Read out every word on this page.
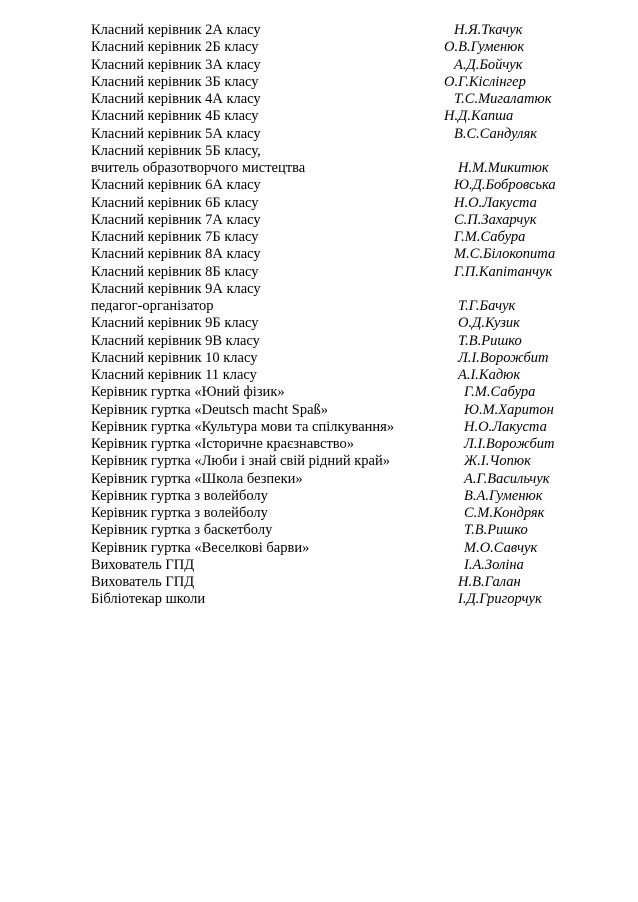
Класний керівник 2А класу	Н.Я.Ткачук
Класний керівник 2Б класу	О.В.Гуменюк
Класний керівник 3А класу	А.Д.Бойчук
Класний керівник 3Б класу	О.Г.Кіслінгер
Класний керівник 4А класу	Т.С.Мигалатюк
Класний керівник 4Б класу	Н.Д.Капша
Класний керівник 5А класу	В.С.Сандуляк
Класний керівник 5Б класу,
вчитель образотворчого мистецтва	Н.М.Микитюк
Класний керівник 6А класу	Ю.Д.Бобровська
Класний керівник 6Б класу	Н.О.Лакуста
Класний керівник 7А класу	С.П.Захарчук
Класний керівник 7Б класу	Г.М.Сабура
Класний керівник 8А класу	М.С.Білокопита
Класний керівник 8Б класу	Г.П.Капітанчук
Класний керівник 9А класу
педагог-організатор	Т.Г.Бачук
Класний керівник 9Б класу	О.Д.Кузик
Класний керівник 9В класу	Т.В.Ришко
Класний керівник 10 класу	Л.І.Ворожбит
Класний керівник 11 класу	А.І.Кадюк
Керівник гуртка «Юний фізик»	Г.М.Сабура
Керівник гуртка «Deutsch macht Spaß»	Ю.М.Харитон
Керівник гуртка «Культура мови та спілкування»	Н.О.Лакуста
Керівник гуртка «Історичне краєзнавство»	Л.І.Ворожбит
Керівник гуртка «Люби і знай свій рідний край»	Ж.І.Чопюк
Керівник гуртка «Школа безпеки»	А.Г.Васильчук
Керівник гуртка з волейболу	В.А.Гуменюк
Керівник гуртка з волейболу	С.М.Кондряк
Керівник гуртка з баскетболу	Т.В.Ришко
Керівник гуртка «Веселкові барви»	М.О.Савчук
Вихователь ГПД	І.А.Золіна
Вихователь ГПД	Н.В.Галан
Бібліотекар школи	І.Д.Григорчук
